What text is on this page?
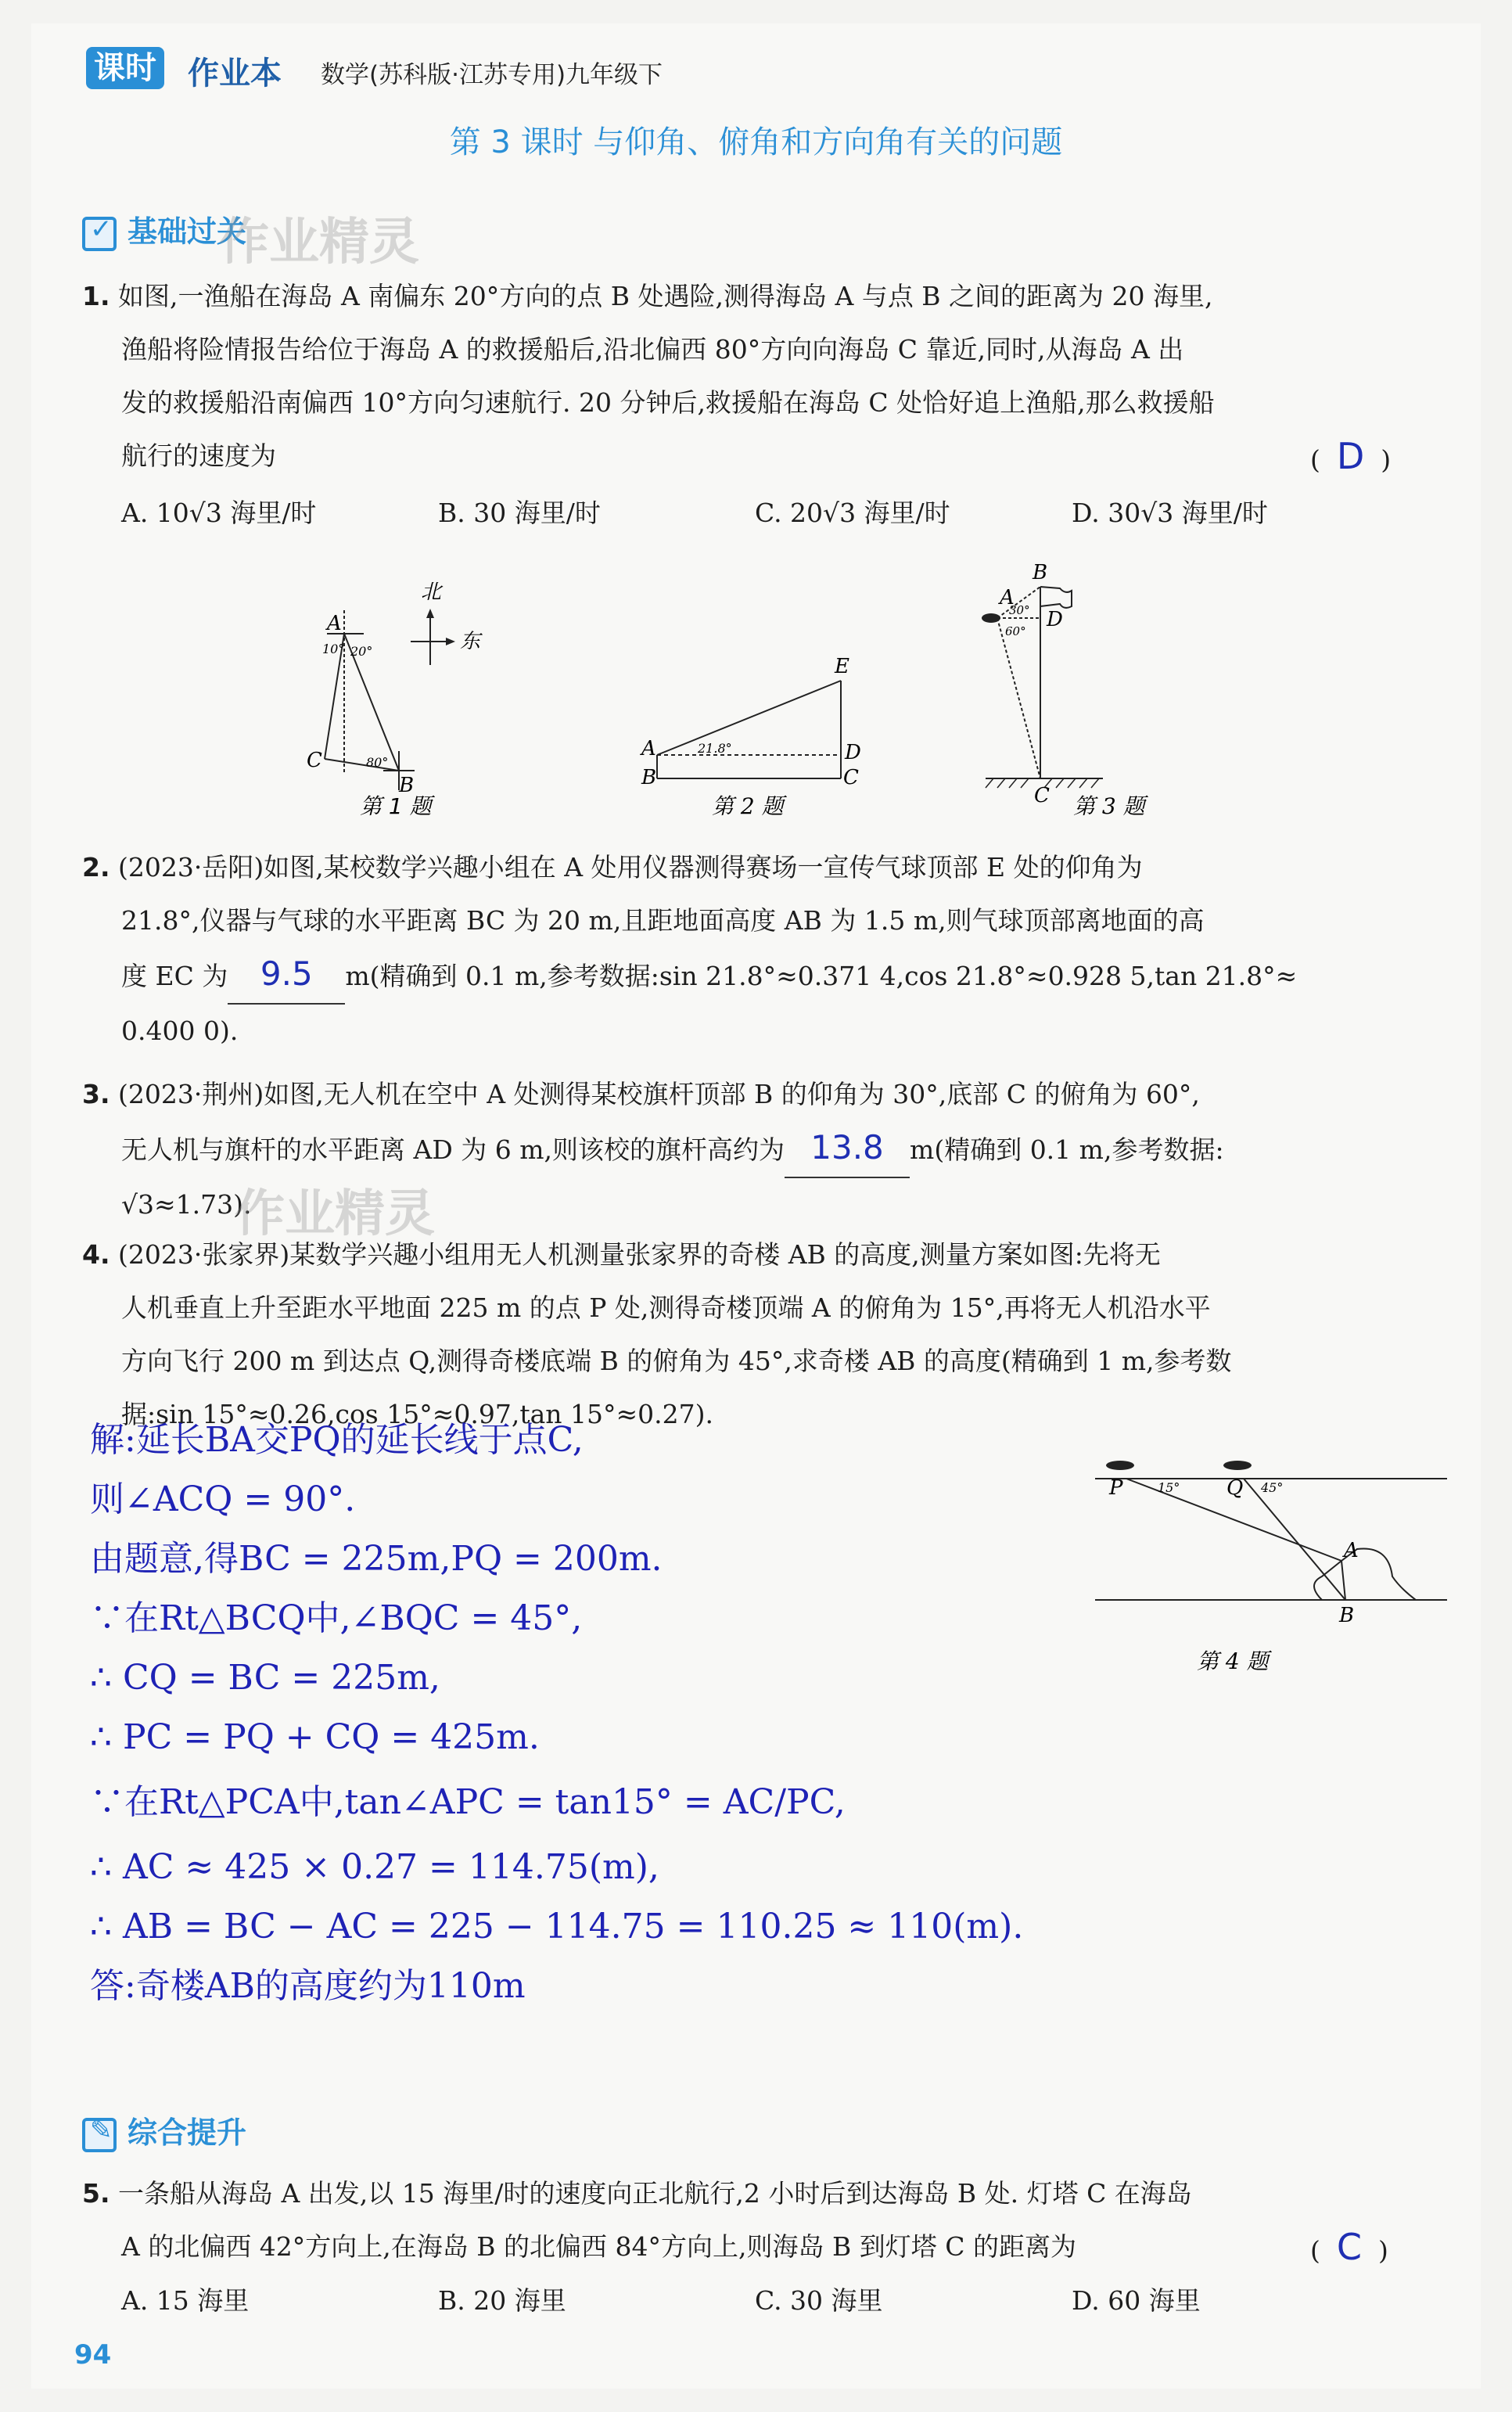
课时 作业本 数学(苏科版·江苏专用)九年级下
第 3 课时 与仰角、俯角和方向角有关的问题
✓ 基础过关
作业精灵
1. 如图,一渔船在海岛 A 南偏东 20°方向的点 B 处遇险,测得海岛 A 与点 B 之间的距离为 20 海里,
渔船将险情报告给位于海岛 A 的救援船后,沿北偏西 80°方向向海岛 C 靠近,同时,从海岛 A 出
发的救援船沿南偏西 10°方向匀速航行. 20 分钟后,救援船在海岛 C 处恰好追上渔船,那么救援船
航行的速度为	( D )
A. 10√3 海里/时	B. 30 海里/时	C. 20√3 海里/时	D. 30√3 海里/时
A
C
B
10° 20°
80°
北
东
第 1 题
A
B	C
D
E
21.8°
第 2 题
A
B
C
D
30°
60°
第 3 题
2. (2023·岳阳)如图,某校数学兴趣小组在 A 处用仪器测得赛场一宣传气球顶部 E 处的仰角为
21.8°,仪器与气球的水平距离 BC 为 20 m,且距地面高度 AB 为 1.5 m,则气球顶部离地面的高
度 EC 为 9.5 m(精确到 0.1 m,参考数据:sin 21.8°≈0.371 4,cos 21.8°≈0.928 5,tan 21.8°≈
0.400 0).
3. (2023·荆州)如图,无人机在空中 A 处测得某校旗杆顶部 B 的仰角为 30°,底部 C 的俯角为 60°,
无人机与旗杆的水平距离 AD 为 6 m,则该校的旗杆高约为 13.8 m(精确到 0.1 m,参考数据:
√3≈1.73).
作业精灵
4. (2023·张家界)某数学兴趣小组用无人机测量张家界的奇楼 AB 的高度,测量方案如图:先将无
人机垂直上升至距水平地面 225 m 的点 P 处,测得奇楼顶端 A 的俯角为 15°,再将无人机沿水平
方向飞行 200 m 到达点 Q,测得奇楼底端 B 的俯角为 45°,求奇楼 AB 的高度(精确到 1 m,参考数
据:sin 15°≈0.26,cos 15°≈0.97,tan 15°≈0.27).
解:延长BA交PQ的延长线于点C,
则∠ACQ = 90°.
由题意,得BC = 225m,PQ = 200m.
∵在Rt△BCQ中,∠BQC = 45°,
∴ CQ = BC = 225m,
∴ PC = PQ + CQ = 425m.
∵在Rt△PCA中,tan∠APC = tan15° = AC/PC,
∴ AC ≈ 425 × 0.27 = 114.75(m),
∴ AB = BC − AC = 225 − 114.75 = 110.25 ≈ 110(m).
答:奇楼AB的高度约为110m
P	Q
A
B
15°	45°
第 4 题
✎ 综合提升
5. 一条船从海岛 A 出发,以 15 海里/时的速度向正北航行,2 小时后到达海岛 B 处. 灯塔 C 在海岛
A 的北偏西 42°方向上,在海岛 B 的北偏西 84°方向上,则海岛 B 到灯塔 C 的距离为	( C )
A. 15 海里	B. 20 海里	C. 30 海里	D. 60 海里
94
